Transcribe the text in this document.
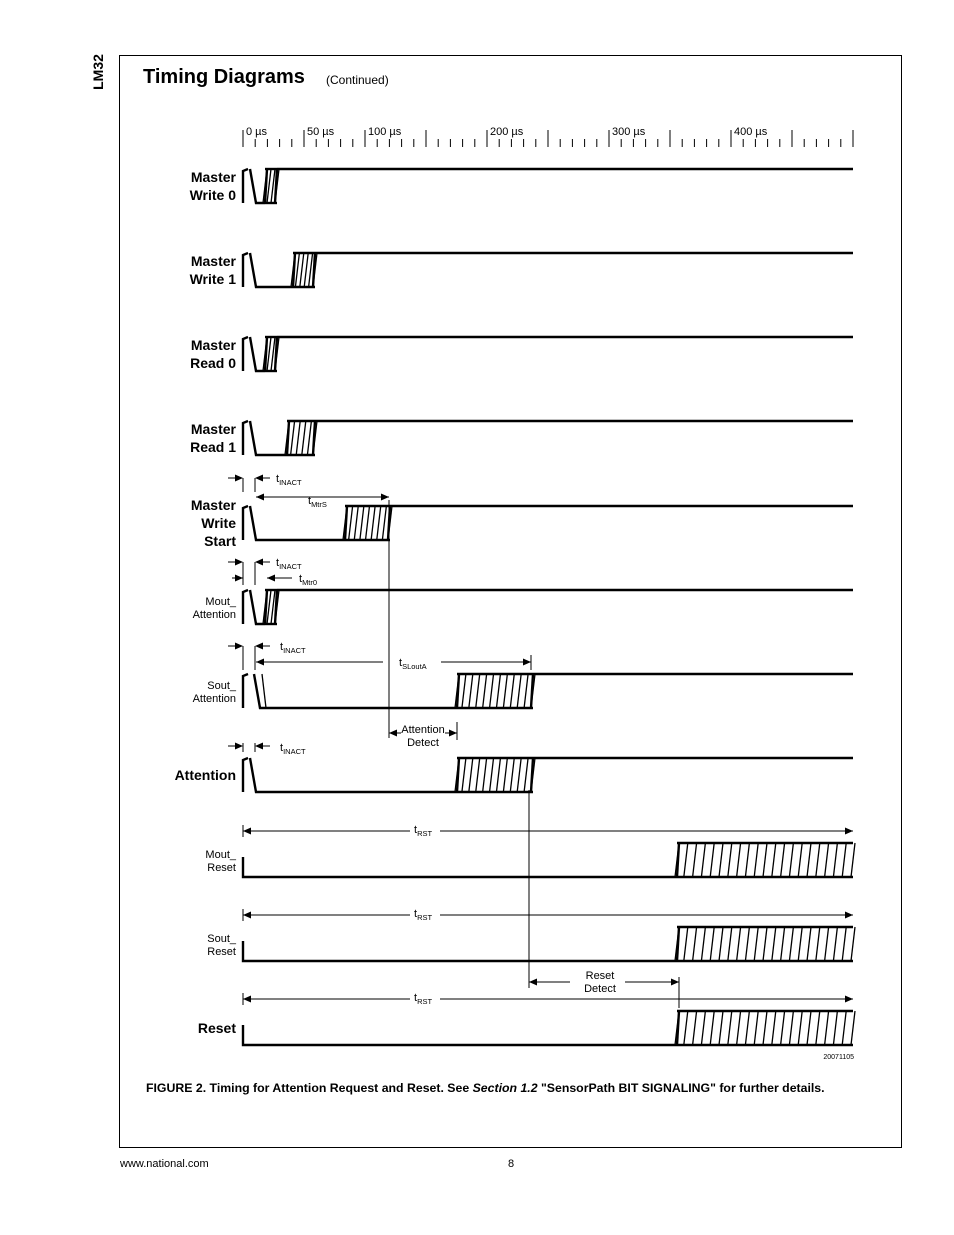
LM32 Timing Diagrams (Continued)
0 µs	50 µs	100 µs	200 µs	300 µs	400 µs
Master
Write 0
Master
Write 1
Master
Read 0
Master
Read 1
Master
Write
Start
Mout_
Attention
Sout_
Attention
Attention
Mout_
Reset
Sout_
Reset
Reset
$t_{INACT}$
$t_{MtrS}$
$t_{INACT}$
$t_{Mtr0}$
$t_{INACT}$
$t_{SLoutA}$
Attention
Detect
$t_{INACT}$
$t_{RST}$
$t_{RST}$
$t_{RST}$
Reset
Detect
20071105
FIGURE 2. Timing for Attention Request and Reset. See Section 1.2 "SensorPath BIT SIGNALING" for further details.
www.national.com	8
